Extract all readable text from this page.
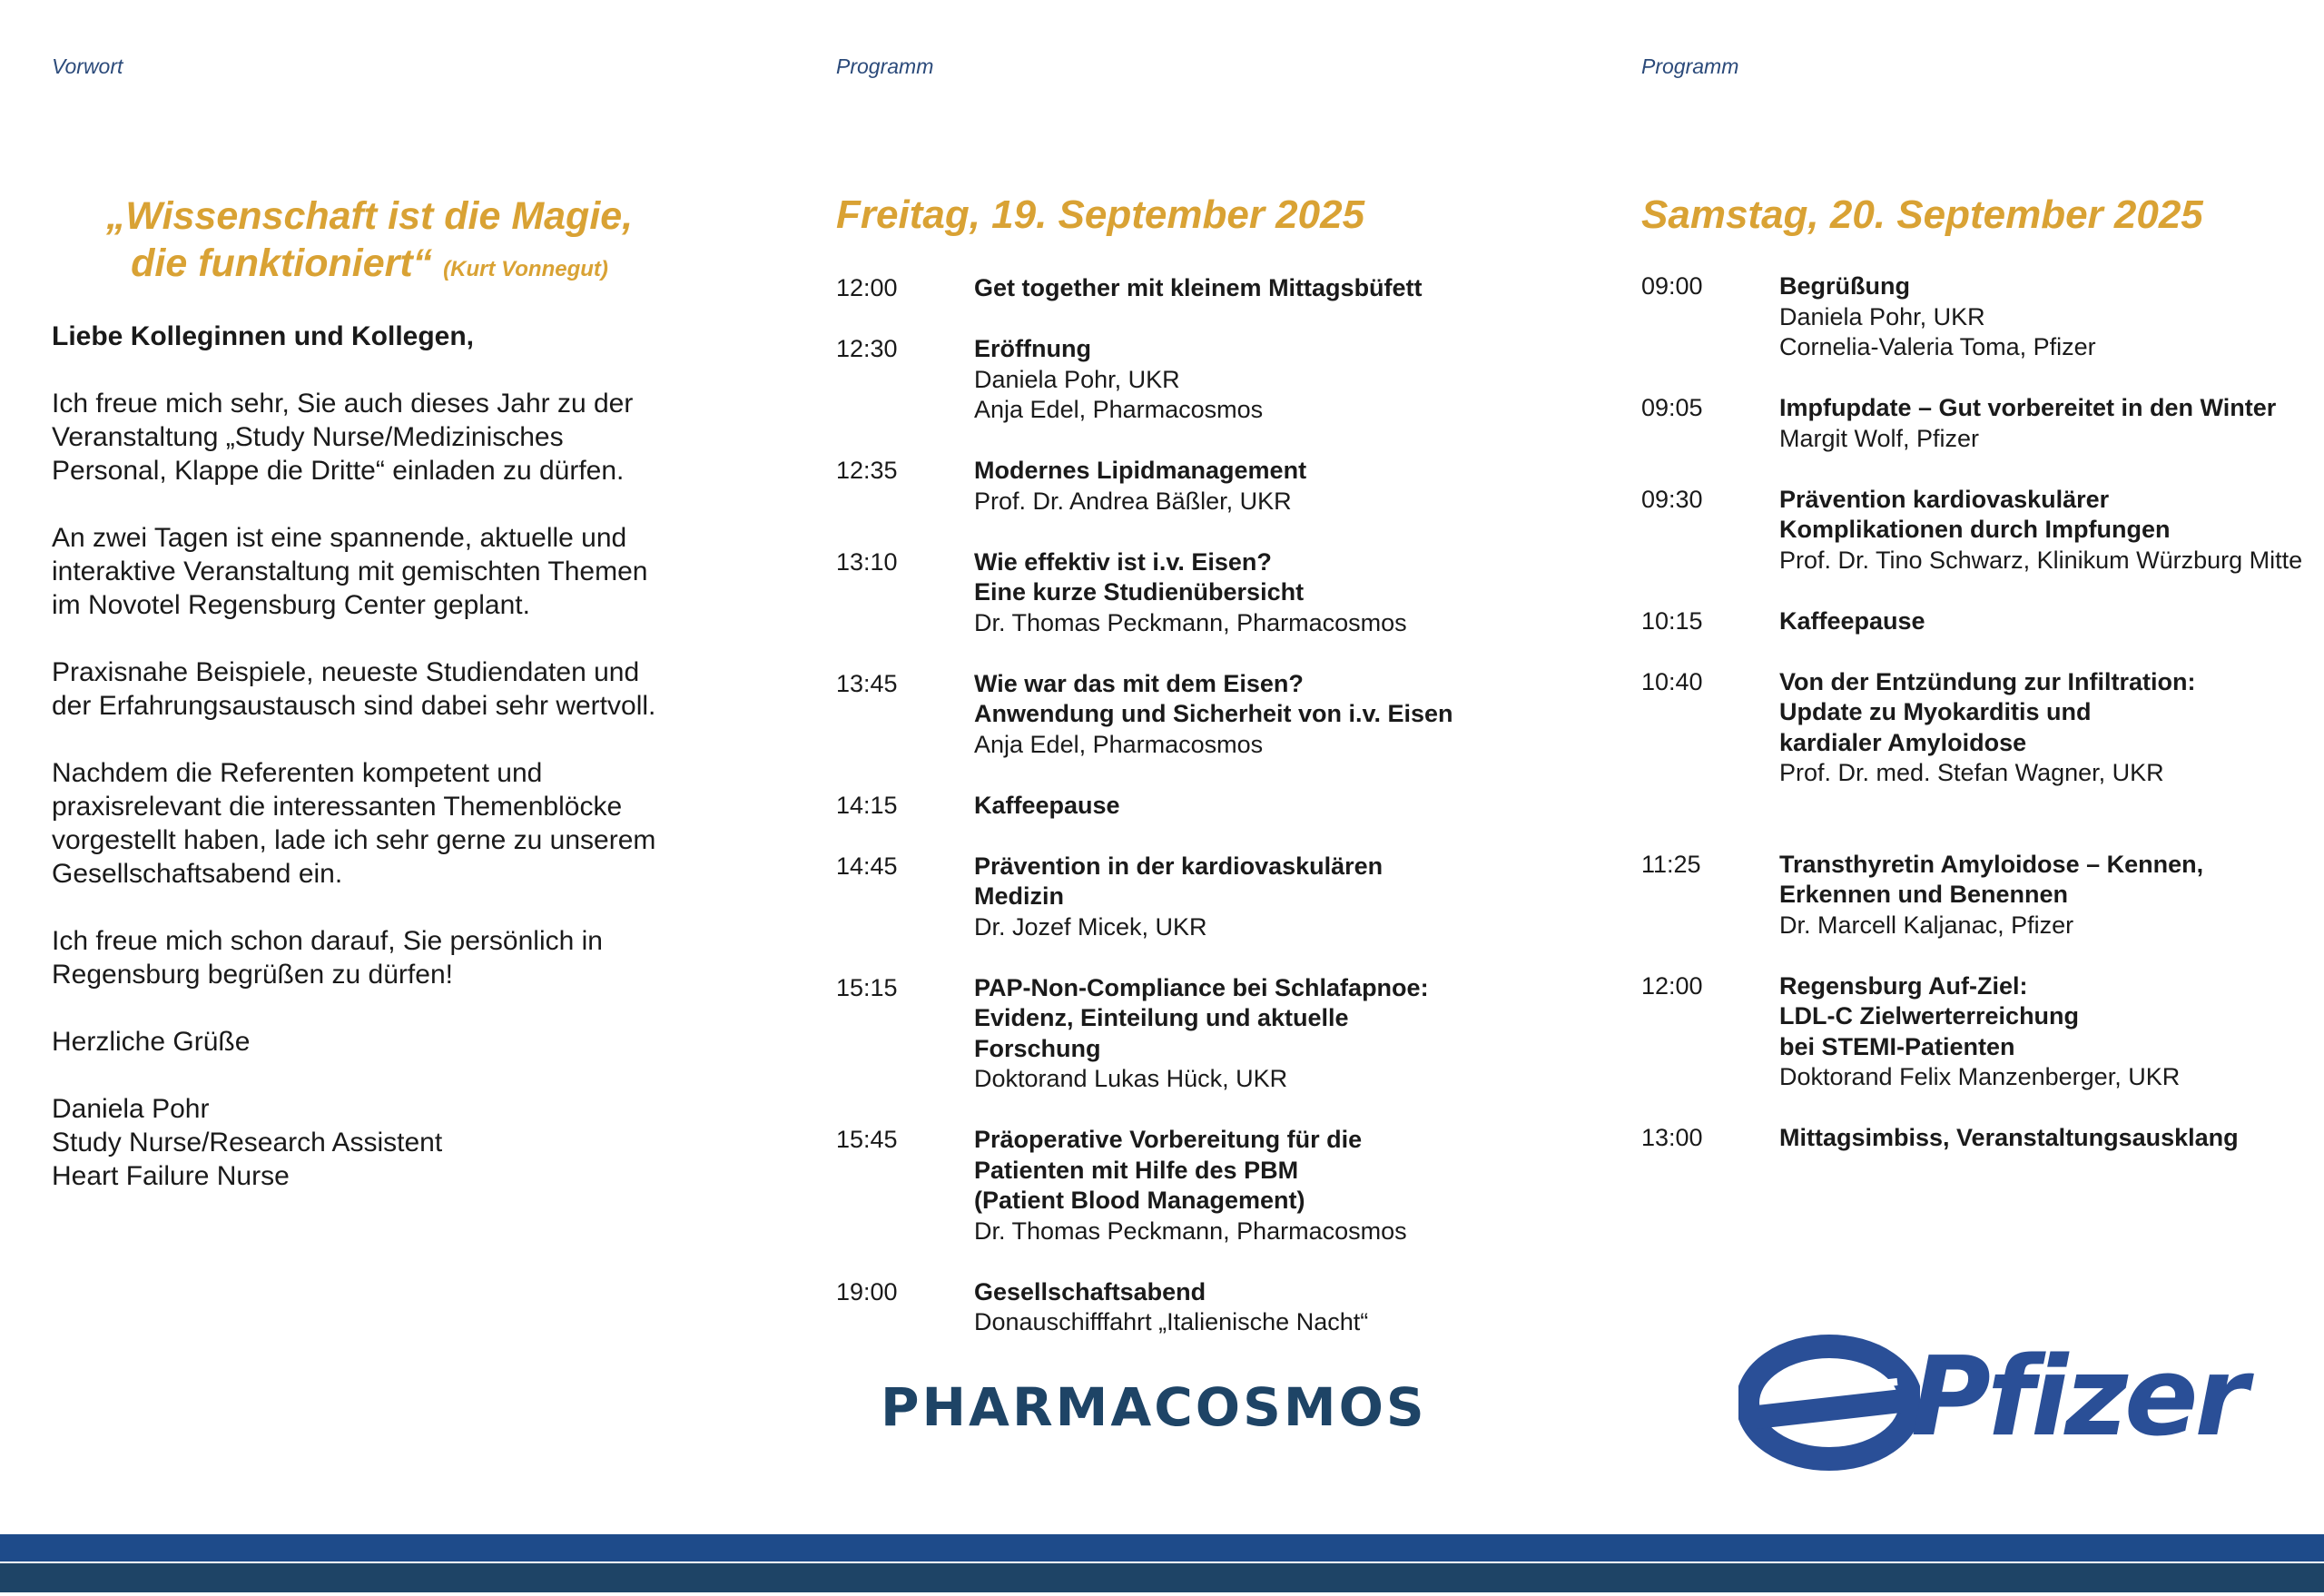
Vorwort

„Wissenschaft ist die Magie,
die funktioniert“ (Kurt Vonnegut)

Liebe Kolleginnen und Kollegen,

Ich freue mich sehr, Sie auch dieses Jahr zu der
Veranstaltung „Study Nurse/Medizinisches
Personal, Klappe die Dritte“ einladen zu dürfen.

An zwei Tagen ist eine spannende, aktuelle und
interaktive Veranstaltung mit gemischten Themen
im Novotel Regensburg Center geplant.

Praxisnahe Beispiele, neueste Studiendaten und
der Erfahrungsaustausch sind dabei sehr wertvoll.

Nachdem die Referenten kompetent und
praxisrelevant die interessanten Themenblöcke
vorgestellt haben, lade ich sehr gerne zu unserem
Gesellschaftsabend ein.

Ich freue mich schon darauf, Sie persönlich in
Regensburg begrüßen zu dürfen!

Herzliche Grüße

Daniela Pohr
Study Nurse/Research Assistent
Heart Failure Nurse

Programm

Freitag, 19. September 2025
12:00	Get together mit kleinem Mittagsbüfett
12:30	Eröffnung
Daniela Pohr, UKR
Anja Edel, Pharmacosmos
12:35	Modernes Lipidmanagement
Prof. Dr. Andrea Bäßler, UKR
13:10	Wie effektiv ist i.v. Eisen?
Eine kurze Studienübersicht
Dr. Thomas Peckmann, Pharmacosmos
13:45	Wie war das mit dem Eisen?
Anwendung und Sicherheit von i.v. Eisen
Anja Edel, Pharmacosmos
14:15	Kaffeepause
14:45	Prävention in der kardiovaskulären
Medizin
Dr. Jozef Micek, UKR
15:15	PAP-Non-Compliance bei Schlafapnoe:
Evidenz, Einteilung und aktuelle
Forschung
Doktorand Lukas Hück, UKR
15:45	Präoperative Vorbereitung für die
Patienten mit Hilfe des PBM
(Patient Blood Management)
Dr. Thomas Peckmann, Pharmacosmos
19:00	Gesellschaftsabend
Donauschifffahrt „Italienische Nacht“

Programm

Samstag, 20. September 2025
09:00	Begrüßung
Daniela Pohr, UKR
Cornelia-Valeria Toma, Pfizer
09:05	Impfupdate – Gut vorbereitet in den Winter
Margit Wolf, Pfizer
09:30	Prävention kardiovaskulärer
Komplikationen durch Impfungen
Prof. Dr. Tino Schwarz, Klinikum Würzburg Mitte
10:15	Kaffeepause
10:40	Von der Entzündung zur Infiltration:
Update zu Myokarditis und
kardialer Amyloidose
Prof. Dr. med. Stefan Wagner, UKR
11:25	Transthyretin Amyloidose – Kennen,
Erkennen und Benennen
Dr. Marcell Kaljanac, Pfizer
12:00	Regensburg Auf-Ziel:
LDL-C Zielwerterreichung
bei STEMI-Patienten
Doktorand Felix Manzenberger, UKR
13:00	Mittagsimbiss, Veranstaltungsausklang
PHARMACOSMOS	Pfizer
